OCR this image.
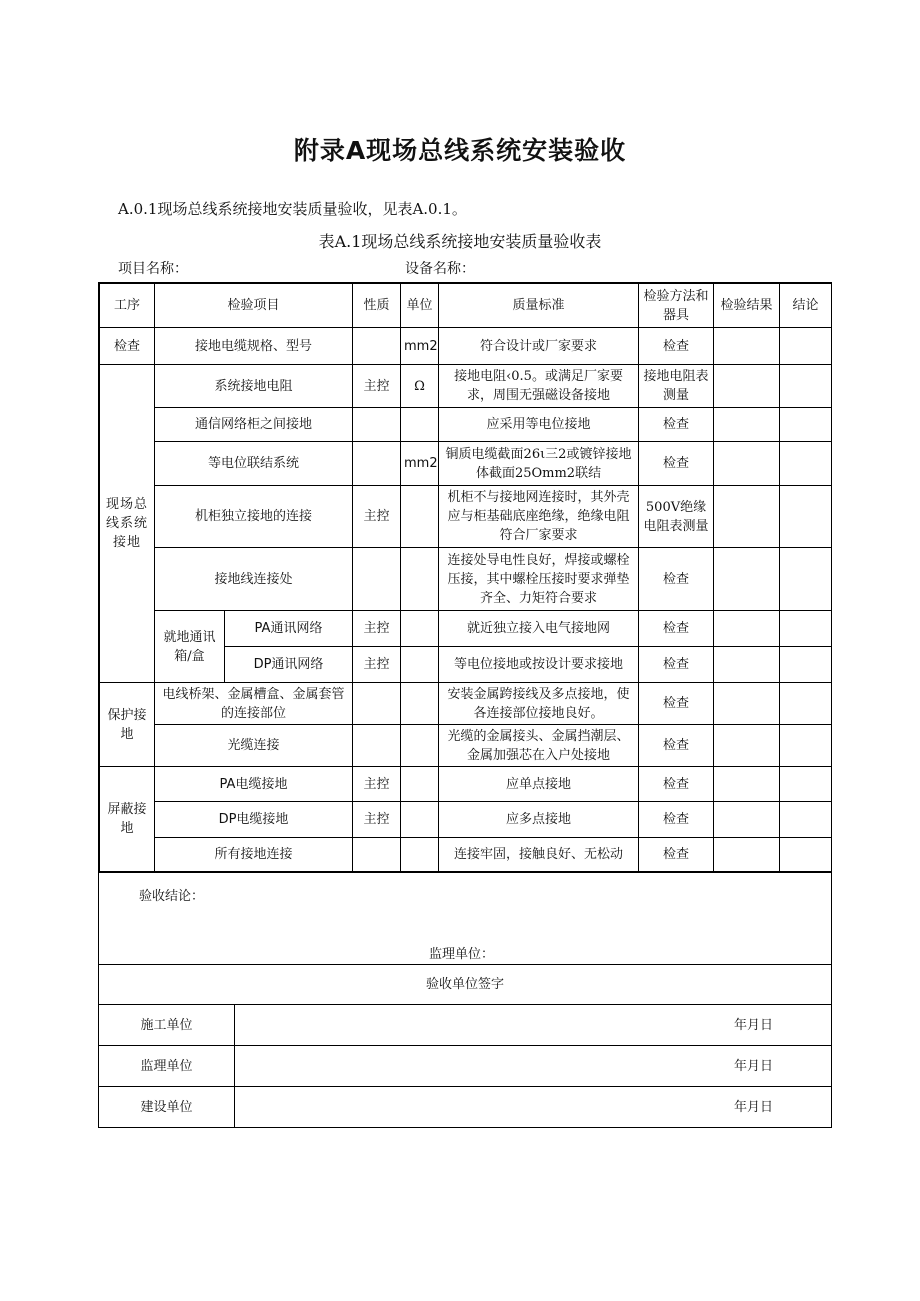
附录A现场总线系统安装验收
A.0.1现场总线系统接地安装质量验收，见表A.0.1。
表A.1现场总线系统接地安装质量验收表
项目名称：	设备名称：
工序	检验项目		性质	单位	质量标准	检验方法和器具	检验结果	结论
检查	接地电缆规格、型号			mm2	符合设计或厂家要求	检查		
现场总线系统接地	系统接地电阻		主控	Ω	接地电阻‹0.5。或满足厂家要求，周围无强磁设备接地	接地电阻表测量		
	通信网络柜之间接地				应采用等电位接地	检查		
	等电位联结系统			mm2	铜质电缆截面26ι三2或镀锌接地体截面25Omm2联结	检查		
	机柜独立接地的连接		主控		机柜不与接地网连接时，其外壳应与柜基础底座绝缘，绝缘电阻符合厂家要求	500V绝缘电阻表测量		
	接地线连接处				连接处导电性良好，焊接或螺栓压接，其中螺栓压接时要求弹垫齐全、力矩符合要求	检查		
	就地通讯箱/盒	PA通讯网络	主控		就近独立接入电气接地网	检查		
		DP通讯网络	主控		等电位接地或按设计要求接地	检查		
保护接地	电线桥架、金属槽盒、金属套管的连接部位				安装金属跨接线及多点接地，使各连接部位接地良好。	检查		
	光缆连接				光缆的金属接头、金属挡潮层、金属加强芯在入户处接地	检查		
屏蔽接地	PA电缆接地		主控		应单点接地	检查		
	DP电缆接地		主控		应多点接地	检查		
	所有接地连接				连接牢固，接触良好、无松动	检查		
验收结论：
监理单位：
验收单位签字
施工单位	年月日
监理单位	年月日
建设单位	年月日
